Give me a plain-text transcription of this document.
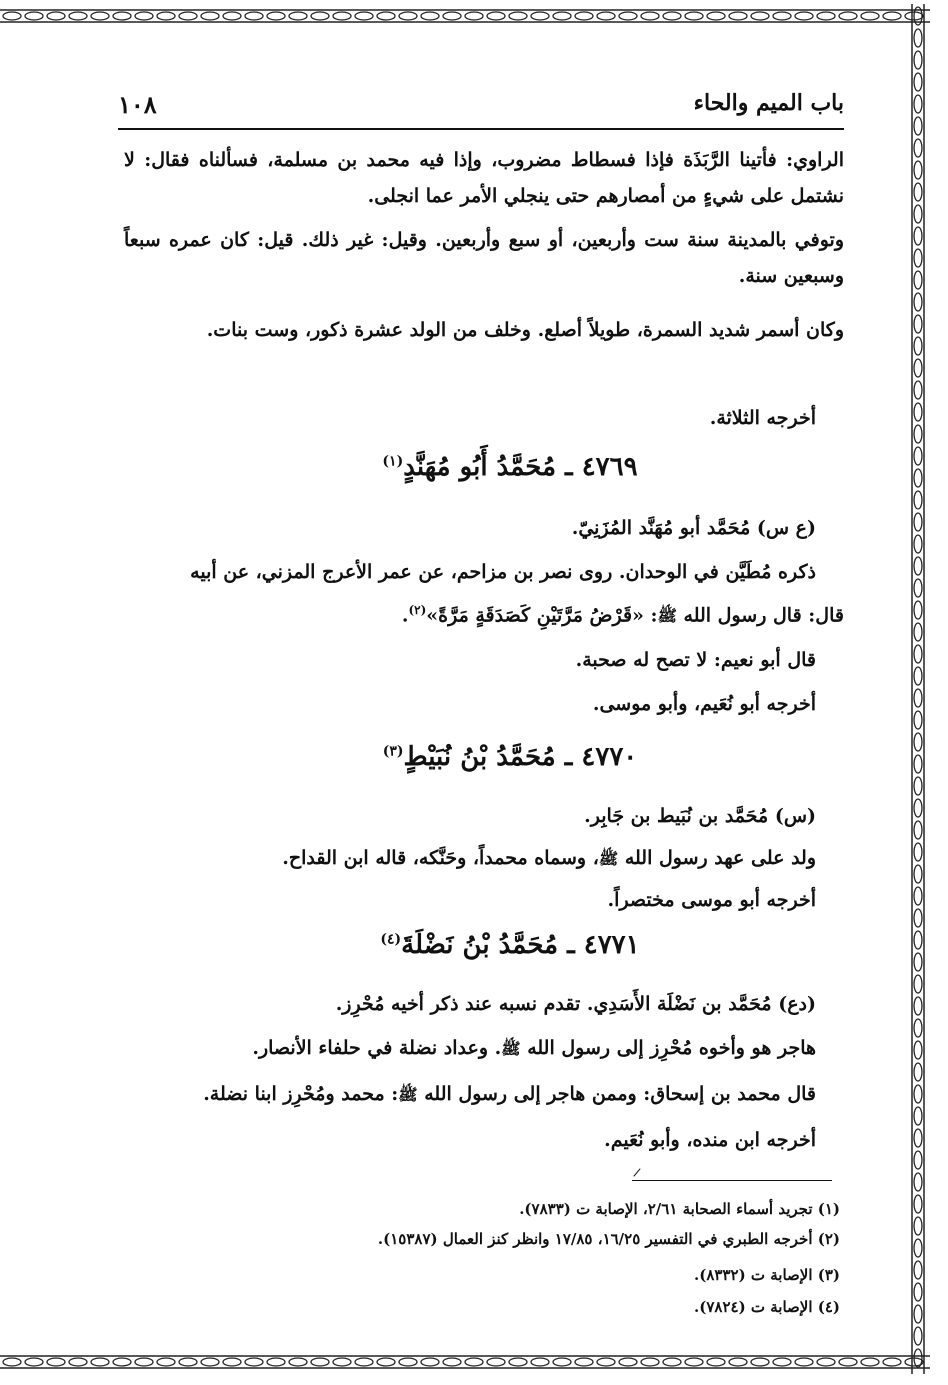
باب الميم والحاء
١٠٨
الراوي: فأتينا الرَّبَذَة فإذا فسطاط مضروب، وإذا فيه محمد بن مسلمة، فسألناه فقال: لا نشتمل على شيءٍ من أمصارهم حتى ينجلي الأمر عما انجلى.
وتوفي بالمدينة سنة ست وأربعين، أو سبع وأربعين. وقيل: غير ذلك. قيل: كان عمره سبعاً وسبعين سنة.
وكان أسمر شديد السمرة، طويلاً أصلع. وخلف من الولد عشرة ذكور، وست بنات.
أخرجه الثلاثة.
٤٧٦٩ ـ مُحَمَّدُ أَبُو مُهَنَّدٍ$^{(١)}$
(ع س) مُحَمَّد أبو مُهَنَّد المُزَنِيّ.
ذكره مُطَيَّن في الوحدان. روى نصر بن مزاحم، عن عمر الأعرج المزني، عن أبيه
قال: قال رسول الله ﷺ: «قَرْضُ مَرَّتَيْنِ كَصَدَقَةٍ مَرَّةً»$^{(٢)}$.
قال أبو نعيم: لا تصح له صحبة.
أخرجه أبو نُعَيم، وأبو موسى.
٤٧٧٠ ـ مُحَمَّدُ بْنُ نُبَيْطٍ$^{(٣)}$
(س) مُحَمَّد بن نُبَيط بن جَابِر.
ولد على عهد رسول الله ﷺ، وسماه محمداً، وحَنَّكه، قاله ابن القداح.
أخرجه أبو موسى مختصراً.
٤٧٧١ ـ مُحَمَّدُ بْنُ نَضْلَةَ$^{(٤)}$
(دع) مُحَمَّد بن نَضْلَة الأَسَدِي. تقدم نسبه عند ذكر أخيه مُحْرِز.
هاجر هو وأخوه مُحْرِز إلى رسول الله ﷺ. وعداد نضلة في حلفاء الأنصار.
قال محمد بن إسحاق: وممن هاجر إلى رسول الله ﷺ: محمد ومُحْرِز ابنا نضلة.
أخرجه ابن منده، وأبو نُعَيم.
(١) تجريد أسماء الصحابة ٢/٦١، الإصابة ت (٧٨٣٣).
(٢) أخرجه الطبري في التفسير ١٦/٢٥، ١٧/٨٥ وانظر كنز العمال (١٥٣٨٧).
(٣) الإصابة ت (٨٣٣٢).
(٤) الإصابة ت (٧٨٢٤).
